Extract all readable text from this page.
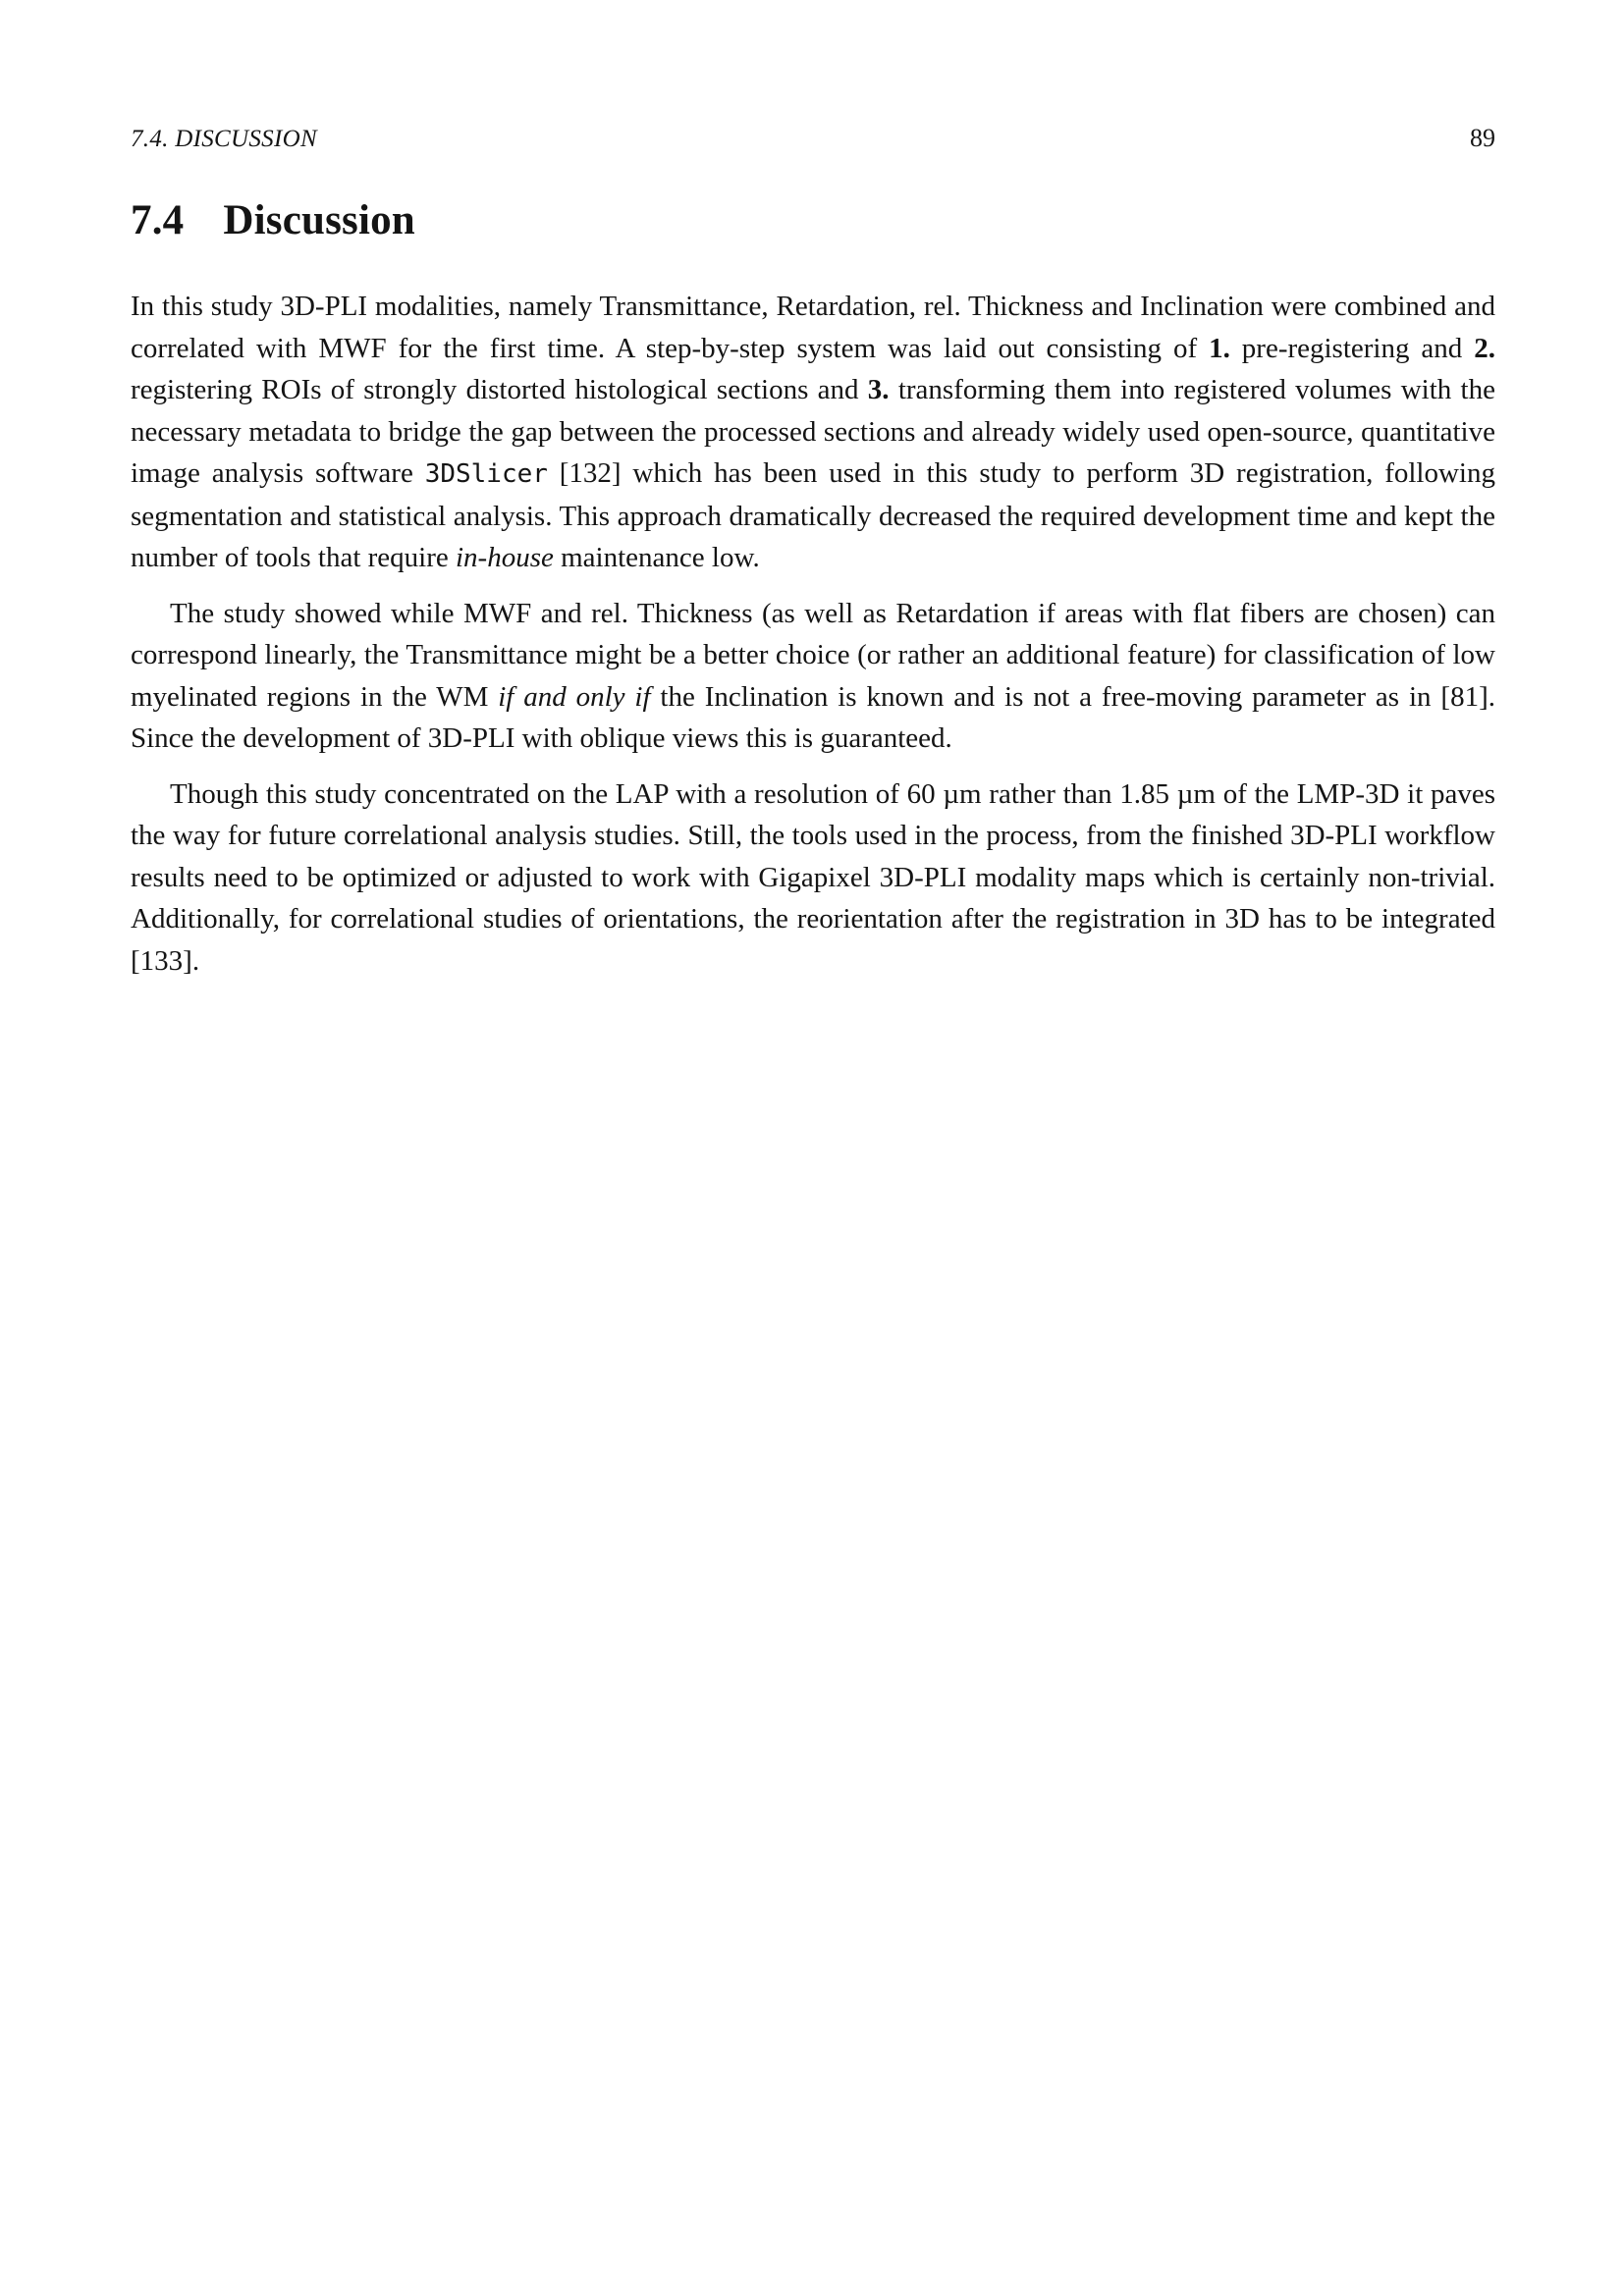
7.4. DISCUSSION	89
7.4 Discussion

In this study 3D-PLI modalities, namely Transmittance, Retardation, rel. Thickness and Inclination were combined and correlated with MWF for the first time. A step-by-step system was laid out consisting of 1. pre-registering and 2. registering ROIs of strongly distorted histological sections and 3. transforming them into registered volumes with the necessary metadata to bridge the gap between the processed sections and already widely used open-source, quantitative image analysis software 3DSlicer [132] which has been used in this study to perform 3D registration, following segmentation and statistical analysis. This approach dramatically decreased the required development time and kept the number of tools that require in-house maintenance low.

The study showed while MWF and rel. Thickness (as well as Retardation if areas with flat fibers are chosen) can correspond linearly, the Transmittance might be a better choice (or rather an additional feature) for classification of low myelinated regions in the WM if and only if the Inclination is known and is not a free-moving parameter as in [81]. Since the development of 3D-PLI with oblique views this is guaranteed.

Though this study concentrated on the LAP with a resolution of 60 µm rather than 1.85 µm of the LMP-3D it paves the way for future correlational analysis studies. Still, the tools used in the process, from the finished 3D-PLI workflow results need to be optimized or adjusted to work with Gigapixel 3D-PLI modality maps which is certainly non-trivial. Additionally, for correlational studies of orientations, the reorientation after the registration in 3D has to be integrated [133].
